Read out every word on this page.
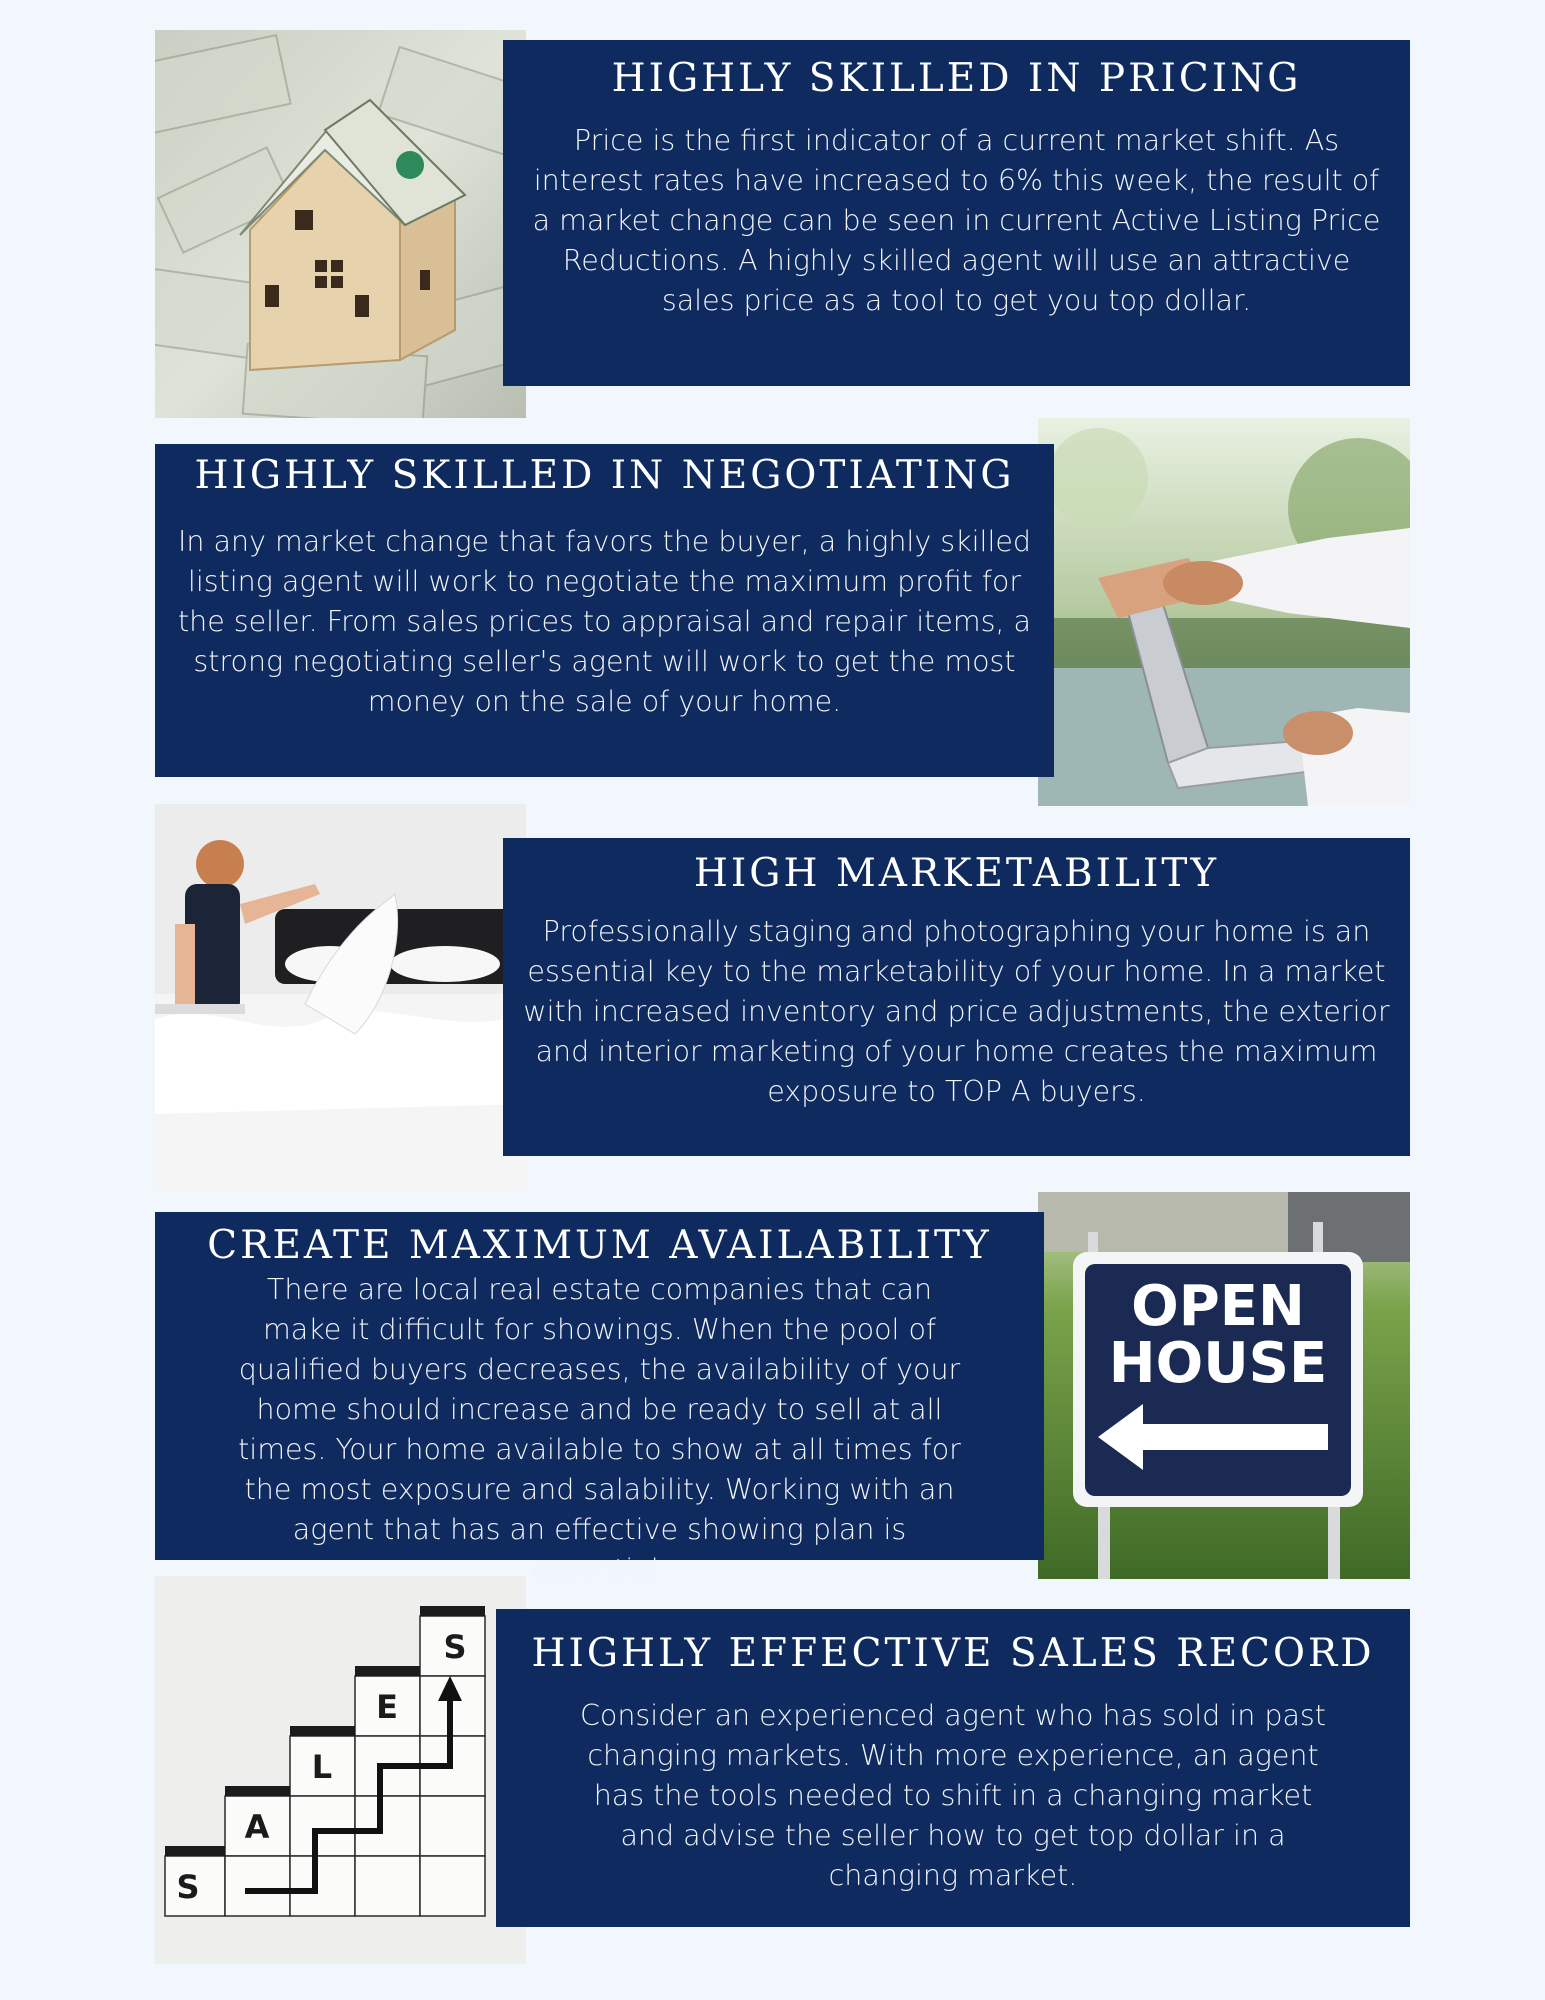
HIGHLY SKILLED IN PRICING

Price is the first indicator of a current market shift. As interest rates have increased to 6% this week, the result of a market change can be seen in current Active Listing Price Reductions. A highly skilled agent will use an attractive sales price as a tool to get you top dollar.

HIGHLY SKILLED IN NEGOTIATING

In any market change that favors the buyer, a highly skilled listing agent will work to negotiate the maximum profit for the seller. From sales prices to appraisal and repair items, a strong negotiating seller's agent will work to get the most money on the sale of your home.

HIGH MARKETABILITY

Professionally staging and photographing your home is an essential key to the marketability of your home. In a market with increased inventory and price adjustments, the exterior and interior marketing of your home creates the maximum exposure to TOP A buyers.

OPEN
HOUSE
CREATE MAXIMUM AVAILABILITY

There are local real estate companies that can make it difficult for showings. When the pool of qualified buyers decreases, the availability of your home should increase and be ready to sell at all times. Your home available to show at all times for the most exposure and salability. Working with an agent that has an effective showing plan is essential.

S
A
L
E
S	HIGHLY EFFECTIVE SALES RECORD

Consider an experienced agent who has sold in past changing markets. With more experience, an agent has the tools needed to shift in a changing market and advise the seller how to get top dollar in a changing market.
